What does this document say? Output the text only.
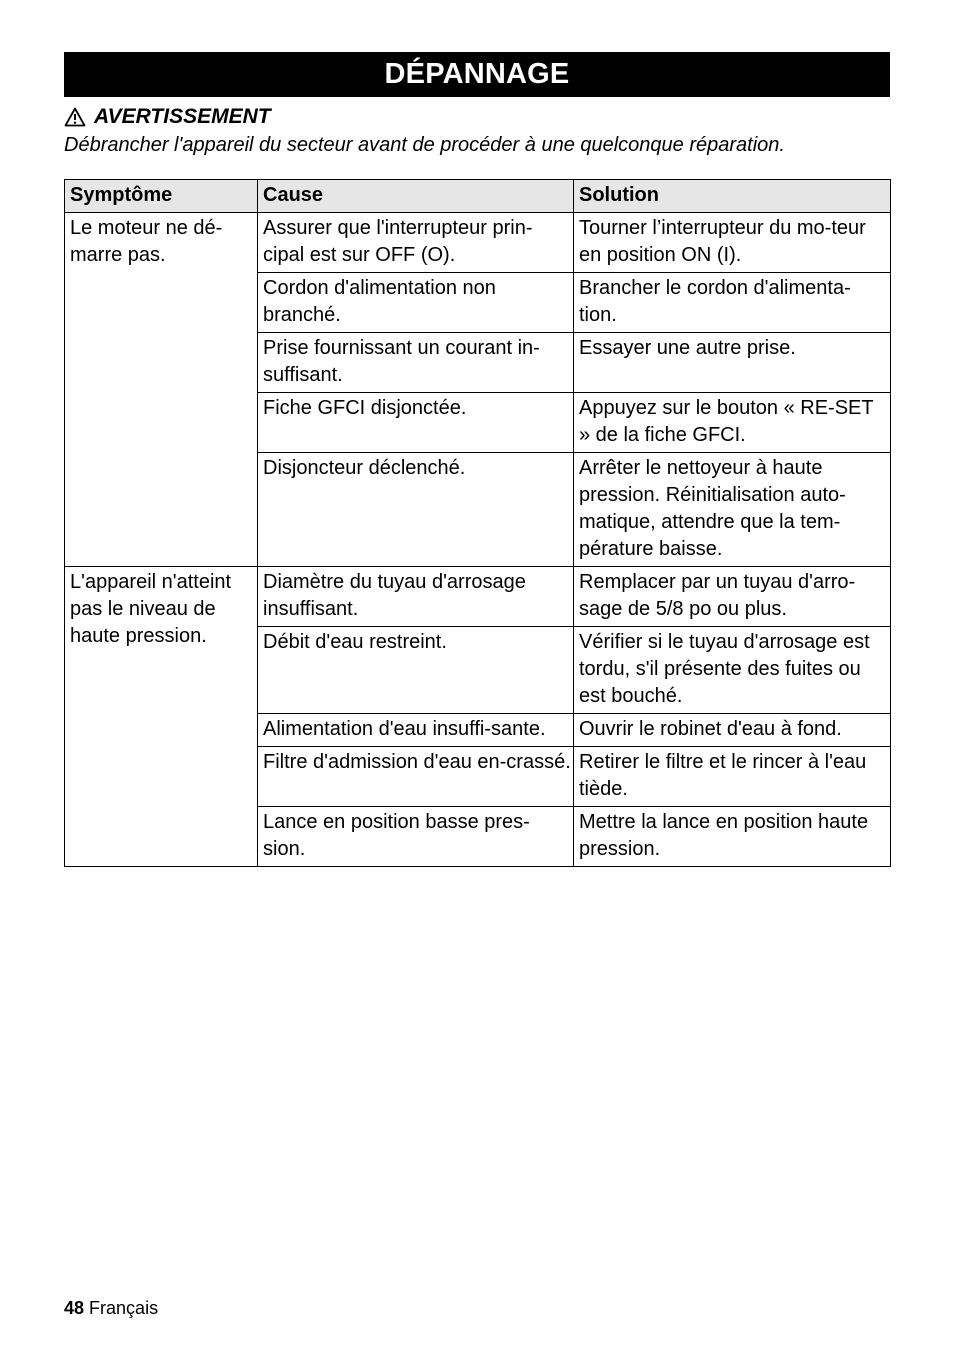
DÉPANNAGE
AVERTISSEMENT
Débrancher l'appareil du secteur avant de procéder à une quelconque réparation.
Symptôme	Cause	Solution
Le moteur ne dé-marre pas.	Assurer que l'interrupteur prin-cipal est sur OFF (O).	Tourner l’interrupteur du mo-teur en position ON (I).
	Cordon d'alimentation non branché.	Brancher le cordon d'alimenta-tion.
	Prise fournissant un courant in-suffisant.	Essayer une autre prise.
	Fiche GFCI disjonctée.	Appuyez sur le bouton « RE-SET » de la fiche GFCI.
	Disjoncteur déclenché.	Arrêter le nettoyeur à haute pression. Réinitialisation auto-matique, attendre que la tem-pérature baisse.
L'appareil n'atteint pas le niveau de haute pression.	Diamètre du tuyau d'arrosage insuffisant.	Remplacer par un tuyau d'arro-sage de 5/8 po ou plus.
	Débit d'eau restreint.	Vérifier si le tuyau d'arrosage est tordu, s'il présente des fuites ou est bouché.
	Alimentation d'eau insuffi-sante.	Ouvrir le robinet d'eau à fond.
	Filtre d'admission d'eau en-crassé.	Retirer le filtre et le rincer à l'eau tiède.
	Lance en position basse pres-sion.	Mettre la lance en position haute pression.
48 Français
